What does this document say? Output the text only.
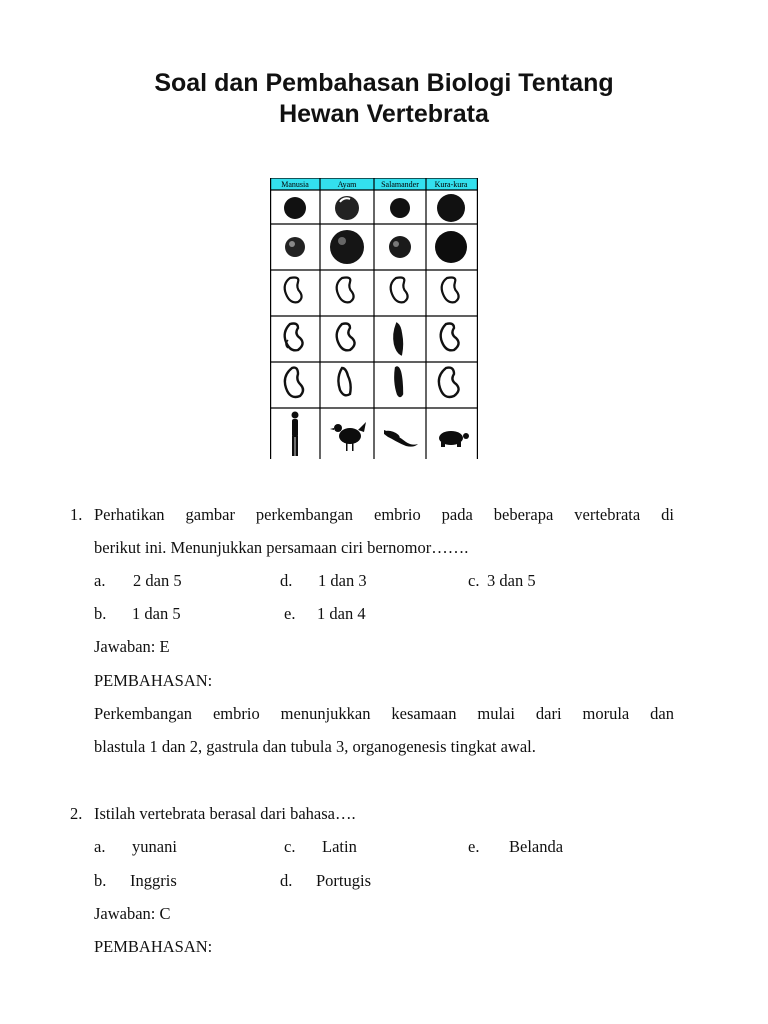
Soal dan Pembahasan Biologi Tentang
Hewan Vertebrata
Manusia	Ayam	Salamander Kura-kura
1. Perhatikan gambar perkembangan embrio pada beberapa vertebrata di
berikut ini. Menunjukkan persamaan ciri bernomor…….
a. 2 dan 5	d. 1 dan 3	c. 3 dan 5
b. 1 dan 5	e. 1 dan 4
Jawaban: E
PEMBAHASAN:
Perkembangan embrio menunjukkan kesamaan mulai dari morula dan
blastula 1 dan 2, gastrula dan tubula 3, organogenesis tingkat awal.
2. Istilah vertebrata berasal dari bahasa….
a. yunani	c. Latin	e. Belanda
b. Inggris	d. Portugis
Jawaban: C
PEMBAHASAN:
